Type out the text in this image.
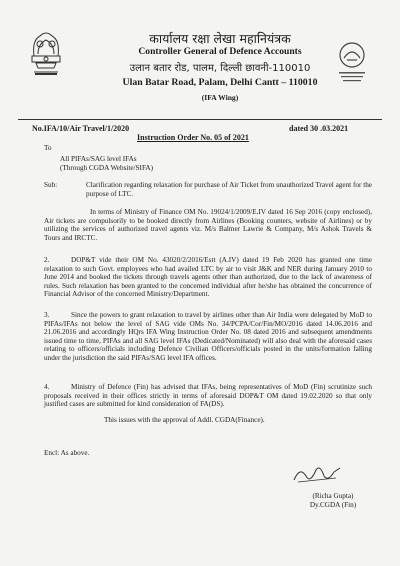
कार्यालय रक्षा लेखा महानियंत्रक
Controller General of Defence Accounts
उलान बतार रोड, पालम, दिल्ली छावनी-110010
Ulan Batar Road, Palam, Delhi Cantt – 110010
(IFA Wing)
No.IFA/10/Air Travel/1/2020	dated 30 .03.2021
Instruction Order No. 05 of 2021
To
All PIFAs/SAG level IFAs
(Through CGDA Website/SIFA)
Sub:	Clarification regarding relaxation for purchase of Air Ticket from unauthorized Travel agent for the purpose of LTC.
In terms of Ministry of Finance OM No. 19024/1/2009/E.IV dated 16 Sep 2016 (copy enclosed), Air tickets are compulsorily to be booked directly from Airlines (Booking counters, website of Airlines) or by utilizing the services of authorized travel agents viz. M/s Balmer Lawrie & Company, M/s Ashok Travels & Tours and IRCTC.
2.	DOP&T vide their OM No. 43020/2/2016/Estt (A.IV) dated 19 Feb 2020 has granted one time relaxation to such Govt. employees who had availed LTC by air to visit J&K and NER during January 2010 to June 2014 and booked the tickets through travels agents other than authorized, due to the lack of awareness of rules. Such relaxation has been granted to the concerned individual after he/she has obtained the concurrence of Financial Advisor of the concerned Ministry/Department.
3.	Since the powers to grant relaxation to travel by airlines other than Air India were delegated by MoD to PIFAs/IFAs not below the level of SAG vide OMs No. 34/PCPA/Cor/Fin/MO/2016 dated 14.06.2016 and 21.06.2016 and accordingly HQrs IFA Wing Instruction Order No. 08 dated 2016 and subsequent amendments issued time to time, PIFAs and all SAG level IFAs (Dedicated/Nominated) will also deal with the aforesaid cases relating to officers/officials including Defence Civilian Officers/officials posted in the units/formation falling under the jurisdiction the said PIFAs/SAG level IFA offices.
4.	Ministry of Defence (Fin) has advised that IFAs, being representatives of MoD (Fin) scrutinize such proposals received in their offices strictly in terms of aforesaid DOP&T OM dated 19.02.2020 so that only justified cases are submitted for kind consideration of FA(DS).
This issues with the approval of Addl. CGDA(Finance).
Encl: As above.
(Richa Gupta)
Dy.CGDA (Fin)
